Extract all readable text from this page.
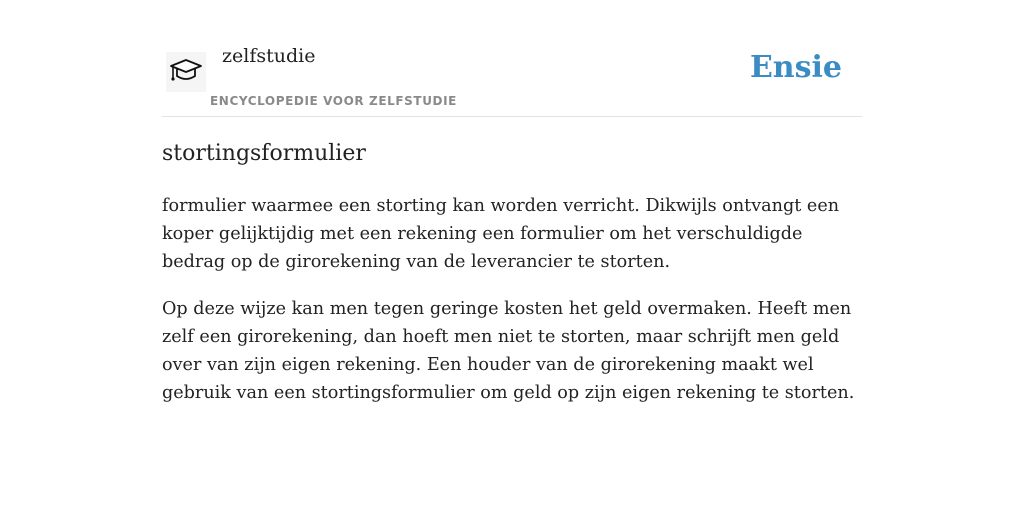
zelfstudie
ENCYCLOPEDIE VOOR ZELFSTUDIE
Ensie
stortingsformulier

formulier waarmee een storting kan worden verricht. Dikwijls ontvangt een koper gelijktijdig met een rekening een formulier om het verschuldigde bedrag op de girorekening van de leverancier te storten.

Op deze wijze kan men tegen geringe kosten het geld overmaken. Heeft men zelf een girorekening, dan hoeft men niet te storten, maar schrijft men geld over van zijn eigen rekening. Een houder van de girorekening maakt wel gebruik van een stortingsformulier om geld op zijn eigen rekening te storten.
